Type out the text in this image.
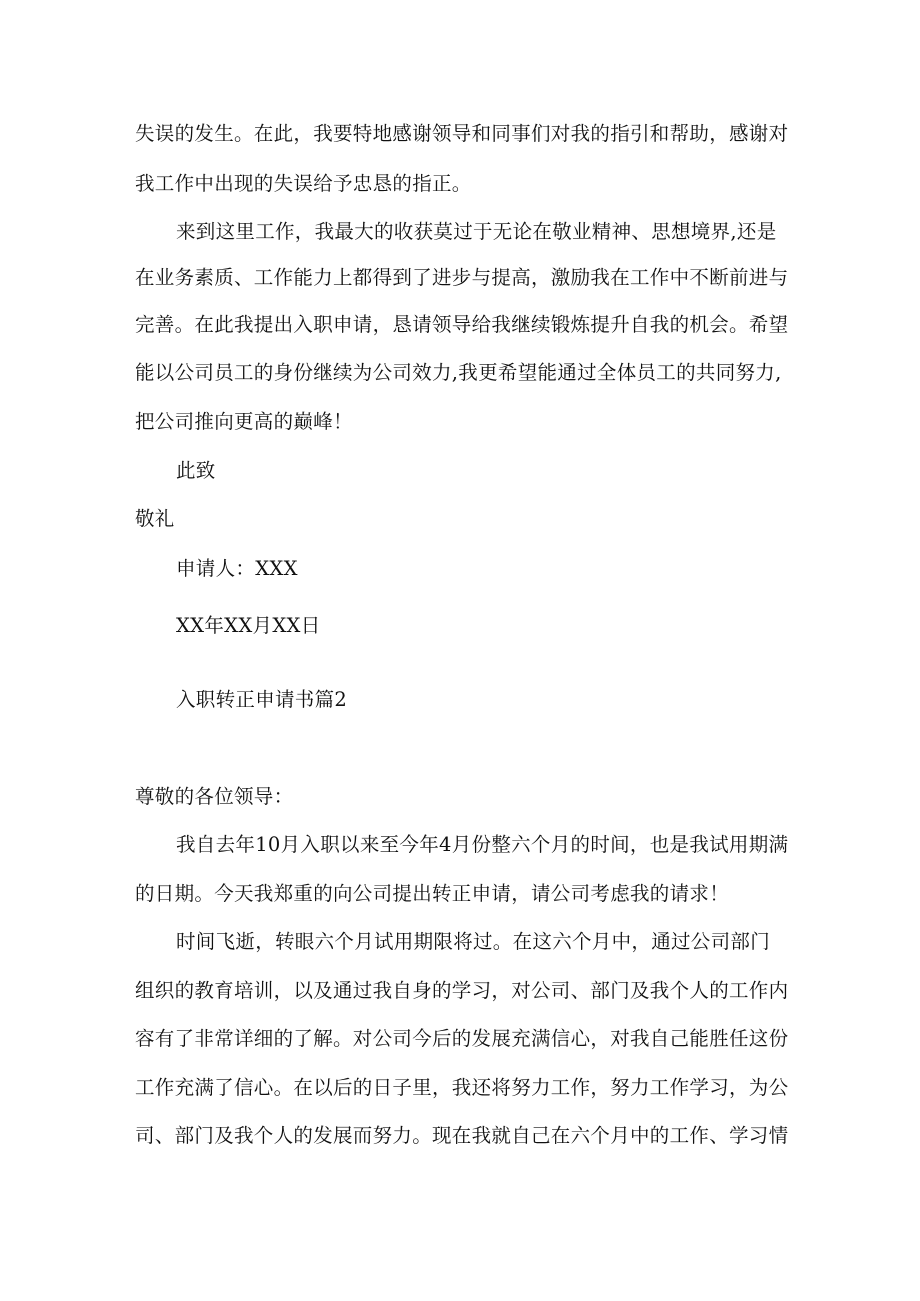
失误的发生。在此，我要特地感谢领导和同事们对我的指引和帮助，感谢对
我工作中出现的失误给予忠恳的指正。
来到这里工作，我最大的收获莫过于无论在敬业精神、思想境界,还是
在业务素质、工作能力上都得到了进步与提高，激励我在工作中不断前进与
完善。在此我提出入职申请，恳请领导给我继续锻炼提升自我的机会。希望
能以公司员工的身份继续为公司效力,我更希望能通过全体员工的共同努力,
把公司推向更高的巅峰！
此致
敬礼
申请人：XXX
XX年XX月XX日
入职转正申请书篇2
尊敬的各位领导：
我自去年10月入职以来至今年4月份整六个月的时间，也是我试用期满
的日期。今天我郑重的向公司提出转正申请，请公司考虑我的请求！
时间飞逝，转眼六个月试用期限将过。在这六个月中，通过公司部门
组织的教育培训，以及通过我自身的学习，对公司、部门及我个人的工作内
容有了非常详细的了解。对公司今后的发展充满信心，对我自己能胜任这份
工作充满了信心。在以后的日子里，我还将努力工作，努力工作学习，为公
司、部门及我个人的发展而努力。现在我就自己在六个月中的工作、学习情
